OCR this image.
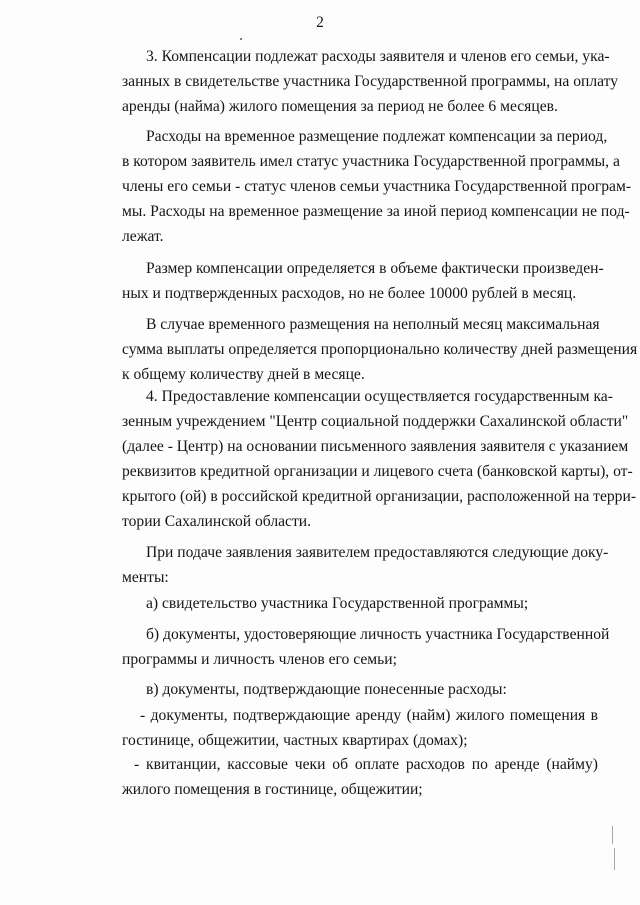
2
3. Компенсации подлежат расходы заявителя и членов его семьи, ука-
занных в свидетельстве участника Государственной программы, на оплату
аренды (найма) жилого помещения за период не более 6 месяцев.
Расходы на временное размещение подлежат компенсации за период,
в котором заявитель имел статус участника Государственной программы, а
члены его семьи - статус членов семьи участника Государственной програм-
мы. Расходы на временное размещение за иной период компенсации не под-
лежат.
Размер компенсации определяется в объеме фактически произведен-
ных и подтвержденных расходов, но не более 10000 рублей в месяц.
В случае временного размещения на неполный месяц максимальная
сумма выплаты определяется пропорционально количеству дней размещения
к общему количеству дней в месяце.
4. Предоставление компенсации осуществляется государственным ка-
зенным учреждением "Центр социальной поддержки Сахалинской области"
(далее - Центр) на основании письменного заявления заявителя с указанием
реквизитов кредитной организации и лицевого счета (банковской карты), от-
крытого (ой) в российской кредитной организации, расположенной на терри-
тории Сахалинской области.
При подаче заявления заявителем предоставляются следующие доку-
менты:
а) свидетельство участника Государственной программы;
б) документы, удостоверяющие личность участника Государственной
программы и личность членов его семьи;
в) документы, подтверждающие понесенные расходы:
- документы, подтверждающие аренду (найм) жилого помещения в
гостинице, общежитии, частных квартирах (домах);
- квитанции, кассовые чеки об оплате расходов по аренде (найму)
жилого помещения в гостинице, общежитии;
